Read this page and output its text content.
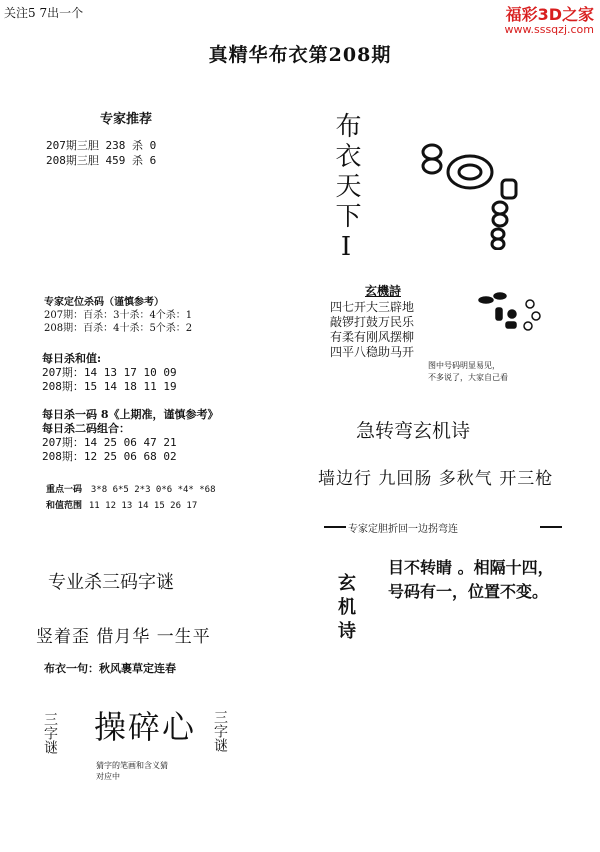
关注5 7出一个	福彩3D之家
www.sssqzj.com
真精华布衣第208期
专家推荐
207期三胆 238 杀 0
208期三胆 459 杀 6
专家定位杀码（谨慎参考）
207期：百杀：3十杀：4个杀：1
208期：百杀：4十杀：5个杀：2
每日杀和值:
207期：14 13 17 10 09
208期：15 14 18 11 19
每日杀一码 8《上期准，谨慎参考》
每日杀二码组合：
207期：14 25 06 47 21
208期：12 25 06 68 02
重点一码 3*8 6*5 2*3 0*6 *4* *68
和值范围 11 12 13 14 15 26 17
专业杀三码字谜
竖着歪 借月华 一生平
布衣一句：秋风裹草定连春
三字谜 操碎心 三字谜
猜字的笔画和含义猜
对应中
布衣天下I
玄機詩
四七开大三辟地
敲锣打鼓万民乐
有柔有刚风摆柳
四平八稳助马开
图中号码明显易见，
不多说了，大家自己看
急转弯玄机诗
墙边行 九回肠 多秋气 开三枪
专家定胆折回一边拐弯连
玄机诗
目不转睛 。相隔十四，
号码有一，位置不变。
